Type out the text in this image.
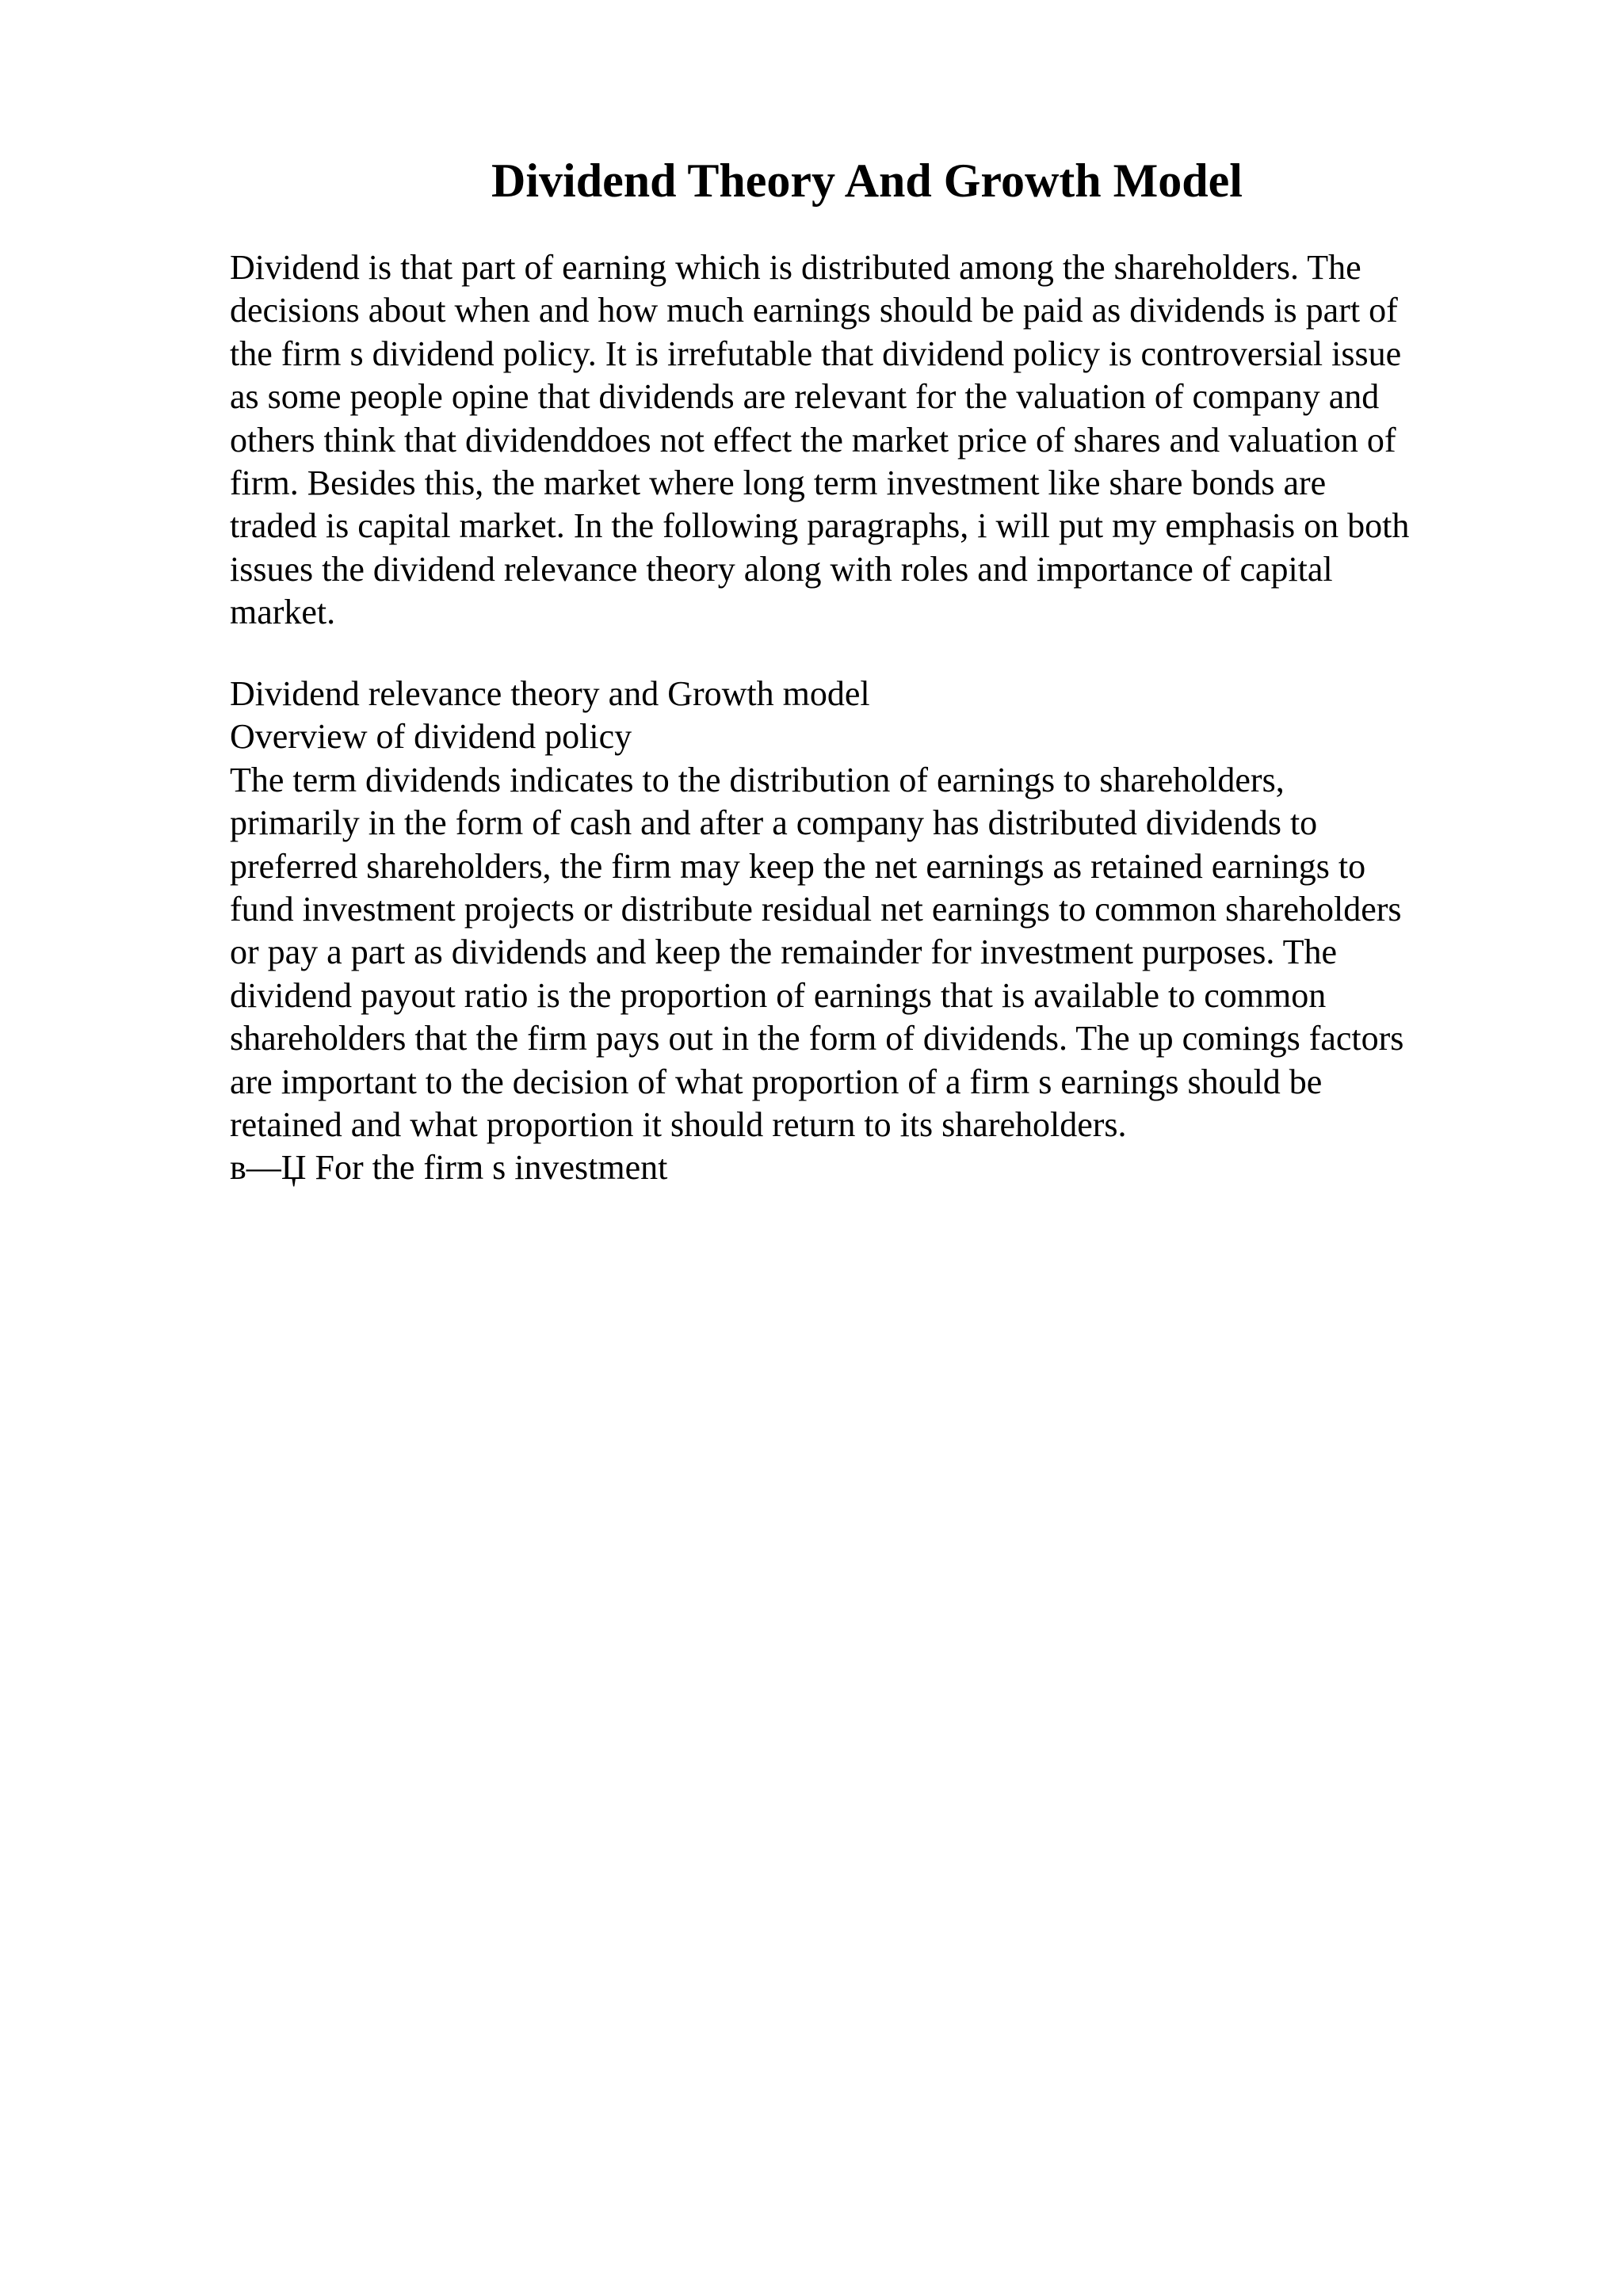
Dividend Theory And Growth Model
Dividend is that part of earning which is distributed among the shareholders. The
decisions about when and how much earnings should be paid as dividends is part of
the firm s dividend policy. It is irrefutable that dividend policy is controversial issue
as some people opine that dividends are relevant for the valuation of company and
others think that dividenddoes not effect the market price of shares and valuation of
firm. Besides this, the market where long term investment like share bonds are
traded is capital market. In the following paragraphs, i will put my emphasis on both
issues the dividend relevance theory along with roles and importance of capital
market.
Dividend relevance theory and Growth model
Overview of dividend policy
The term dividends indicates to the distribution of earnings to shareholders,
primarily in the form of cash and after a company has distributed dividends to
preferred shareholders, the firm may keep the net earnings as retained earnings to
fund investment projects or distribute residual net earnings to common shareholders
or pay a part as dividends and keep the remainder for investment purposes. The
dividend payout ratio is the proportion of earnings that is available to common
shareholders that the firm pays out in the form of dividends. The up comings factors
are important to the decision of what proportion of a firm s earnings should be
retained and what proportion it should return to its shareholders.
в—Џ For the firm s investment
